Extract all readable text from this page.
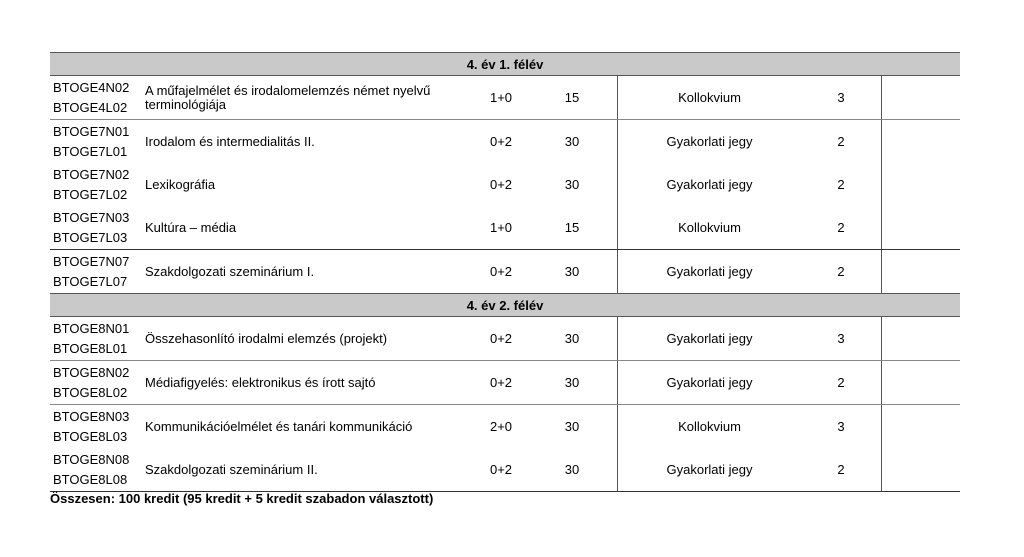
4. év 1. félév						
BTOGE4N02
BTOGE4L02	A műfajelmélet és irodalomelemzés német nyelvű terminológiája	1+0	15	Kollokvium	3	
BTOGE7N01
BTOGE7L01	Irodalom és intermedialitás II.	0+2	30	Gyakorlati jegy	2	
BTOGE7N02
BTOGE7L02	Lexikográfia	0+2	30	Gyakorlati jegy	2	
BTOGE7N03
BTOGE7L03	Kultúra – média	1+0	15	Kollokvium	2	
BTOGE7N07
BTOGE7L07	Szakdolgozati szeminárium I.	0+2	30	Gyakorlati jegy	2	
4. év 2. félév						
BTOGE8N01
BTOGE8L01	Összehasonlító irodalmi elemzés (projekt)	0+2	30	Gyakorlati jegy	3	
BTOGE8N02
BTOGE8L02	Médiafigyelés: elektronikus és írott sajtó	0+2	30	Gyakorlati jegy	2	
BTOGE8N03
BTOGE8L03	Kommunikációelmélet és tanári kommunikáció	2+0	30	Kollokvium	3	
BTOGE8N08
BTOGE8L08	Szakdolgozati szeminárium II.	0+2	30	Gyakorlati jegy	2	
Összesen: 100 kredit (95 kredit + 5 kredit szabadon választott)
